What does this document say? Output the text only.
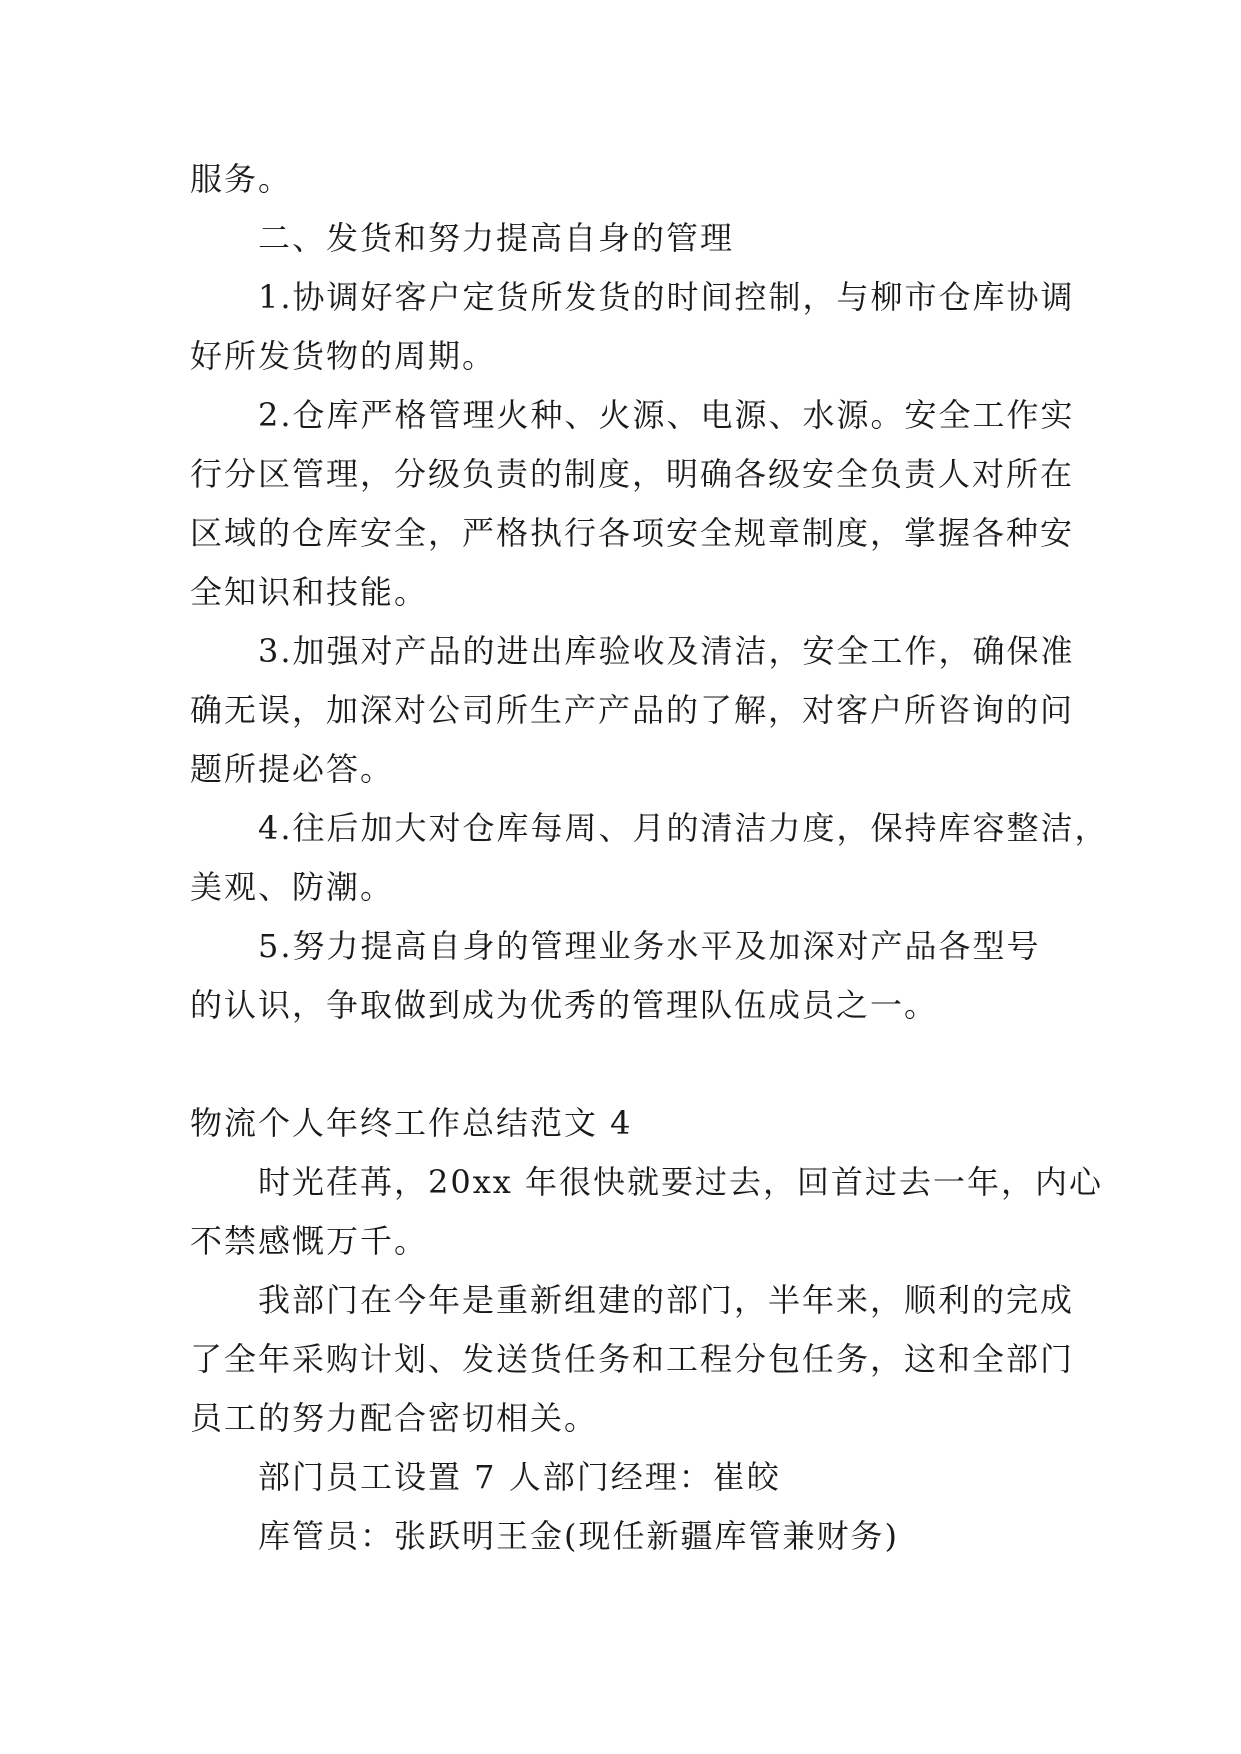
服务。
二、发货和努力提高自身的管理
1.协调好客户定货所发货的时间控制，与柳市仓库协调
好所发货物的周期。
2.仓库严格管理火种、火源、电源、水源。安全工作实
行分区管理，分级负责的制度，明确各级安全负责人对所在
区域的仓库安全，严格执行各项安全规章制度，掌握各种安
全知识和技能。
3.加强对产品的进出库验收及清洁，安全工作，确保准
确无误，加深对公司所生产产品的了解，对客户所咨询的问
题所提必答。
4.往后加大对仓库每周、月的清洁力度，保持库容整洁，
美观、防潮。
5.努力提高自身的管理业务水平及加深对产品各型号
的认识，争取做到成为优秀的管理队伍成员之一。
物流个人年终工作总结范文 4
时光荏苒，20xx 年很快就要过去，回首过去一年，内心
不禁感慨万千。
我部门在今年是重新组建的部门，半年来，顺利的完成
了全年采购计划、发送货任务和工程分包任务，这和全部门
员工的努力配合密切相关。
部门员工设置 7 人部门经理：崔皎
库管员：张跃明王金(现任新疆库管兼财务)
